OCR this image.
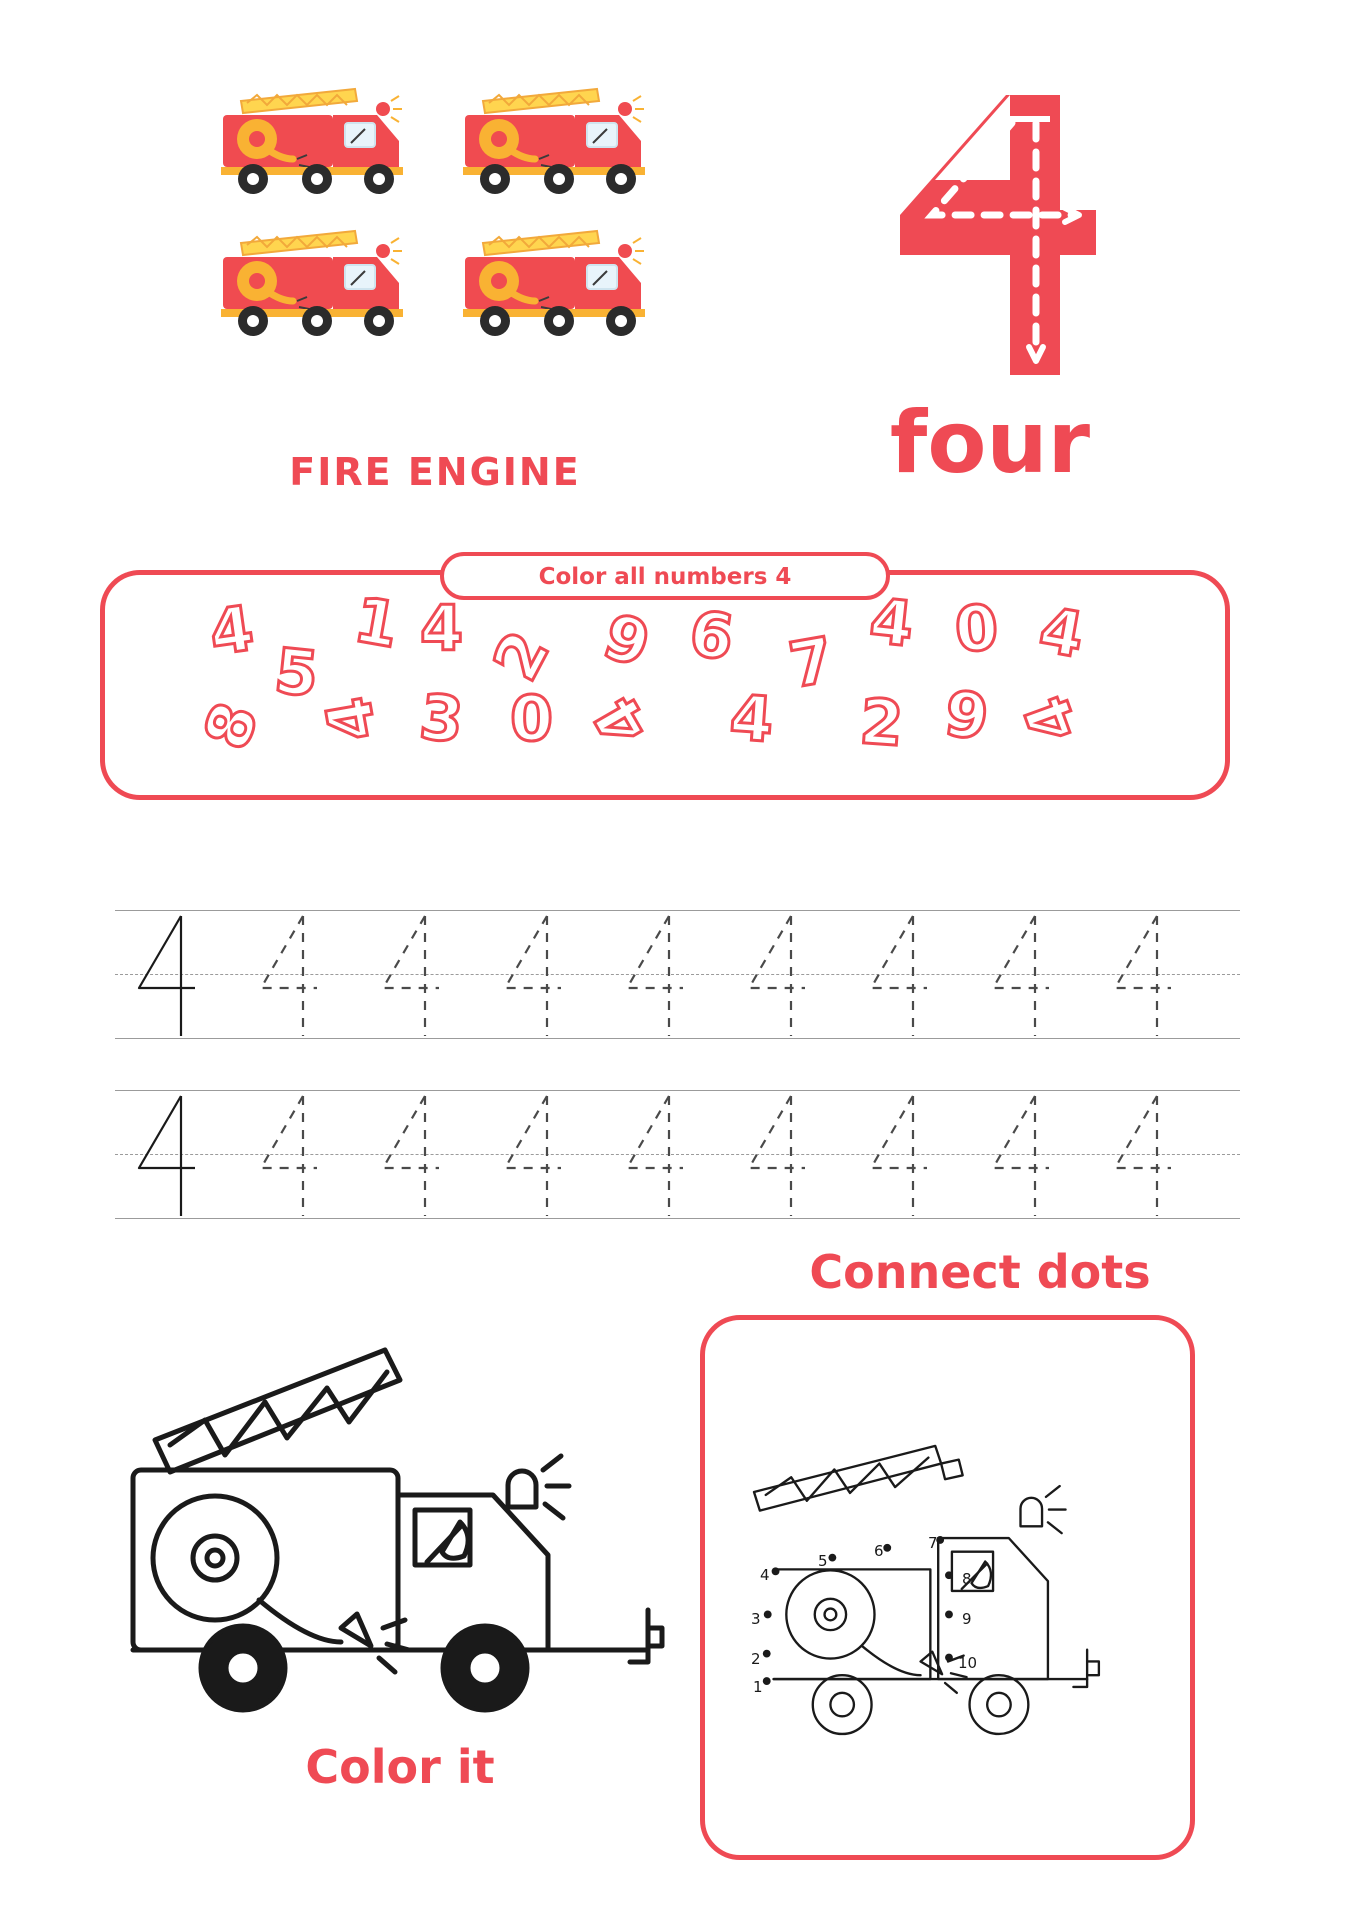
FIRE ENGINE	four
Color all numbers 4
4
5
1 4 2 9 6 7
4 0 4
8 4 3 0 4 4 2 9 4
Color it
Connect dots
1
2
3
4
5
6	7
8
9
10
